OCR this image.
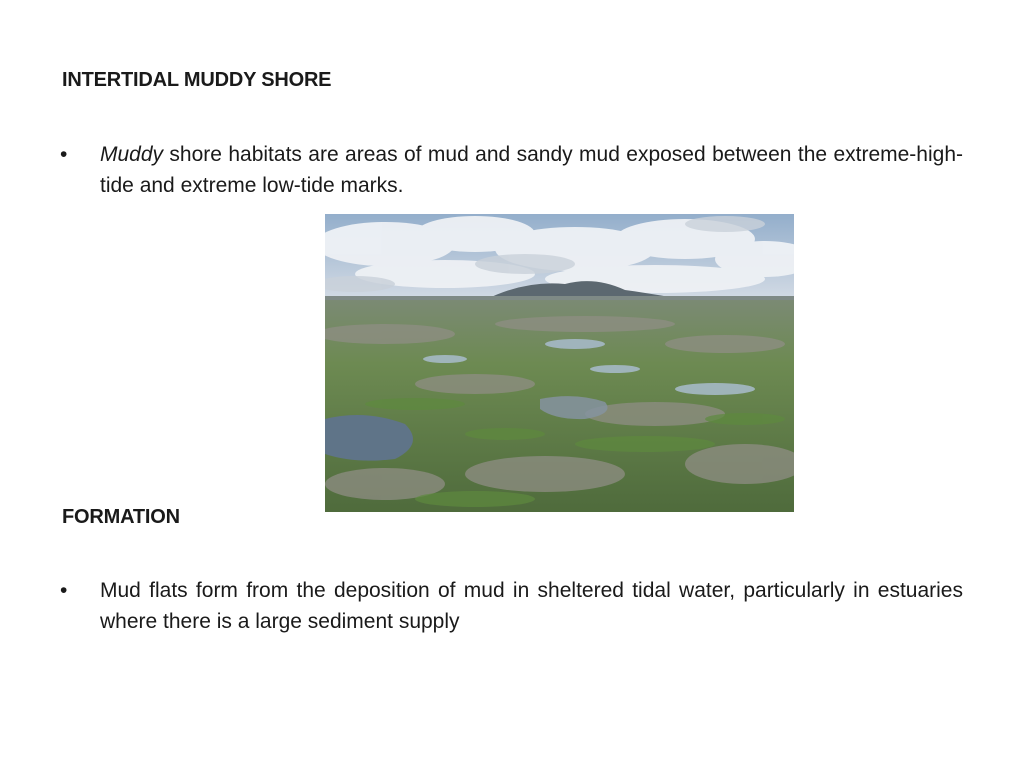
INTERTIDAL MUDDY SHORE
•	Muddy shore habitats are areas of mud and sandy mud exposed between the extreme-high-tide and extreme low-tide marks.
FORMATION
•	Mud flats form from the deposition of mud in sheltered tidal water, particularly in estuaries where there is a large sediment supply
